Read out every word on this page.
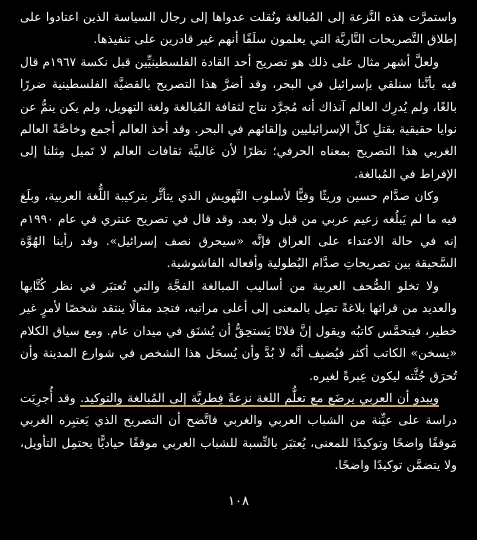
واستمرَّت هذه النَّزعة إلى المُبالغة ونُقلت عدواها إلى رجال السياسة الذين اعتادوا على إطلاق التَّصريحات النَّاريَّة التي يعلمون سلَفًا أنهم غير قادرين على تنفيذها.

ولعلَّ أشهر مثال على ذلك هو تصريح أحد القادة الفلسطينيِّين قبل نكسة ١٩٦٧م قال فيه بأنَّنا سنلقي بإسرائيل في البحر، وقد أضرَّ هذا التصريح بالقضيَّة الفلسطينية ضررًا بالغًا، ولم يُدرِك العالم آنذاك أنه مُجرَّد نتاج لثقافة المُبالغة ولغة التهويل، ولم يكن ينمُّ عن نوايا حقيقية بقتلِ كلِّ الإسرائيليين وإلقائهم في البحر. وقد أخذ العالم أجمع وخاصَّةً العالم الغربي هذا التصريح بمعناه الحرفي؛ نظرًا لأن غالبيَّة ثقافات العالم لا تَميل مِثلنا إلى الإفراط في المُبالغة.

وكان صدَّام حسين وريثًا وفيًّا لأسلوب التَّهويش الذي يتأثَّر بتركيبة اللُّغة العربية، وبلَغ فيه ما لم يَبلُغه زعيم عربي من قبل ولا بعد. وقد قال في تصريح عنتري في عام ١٩٩٠م إنه في حالة الاعتداء على العراق فإنَّه «سيحرق نصف إسرائيل». وقد رأينا الهُوَّة السَّحيقة بين تصريحاتِ صدَّام البُطولية وأفعاله الفاشوشية.

ولا تخلو الصُّحف العربية من أساليب المبالغة الفجَّة والتي تُعتبَر في نظر كُتَّابها والعديد من قرائها بلاغةً تصِل بالمعنى إلى أعلى مراتبه، فتجد مقالًا ينتقد شخصًا لأمرٍ غير خطير، فيتحمَّس كاتبُه ويقول إنَّ فلانًا يَستحِقُّ أن يُشنَق في ميدان عام. ومع سياق الكلام «يسخن» الكاتب أكثر فيُضيف أنَّه لا بُدَّ وأن يُسحَل هذا الشخص في شوارع المدينة وأن تُحرَق جُثَّته ليكون عِبرةً لغيره.

ويبدو أن العربي يرضَع مع تعلُّم اللغة نزعةً فِطريَّة إلى المُبالغة والتوكيد. وقد أُجرِيَت دراسة على عيِّنة من الشباب العربي والغربي فاتَّضح أن التصريح الذي يَعتبِره الغربي مَوقفًا واضحًا وتوكيدًا للمعنى، يُعتبَر بالنِّسبة للشباب العربي موقفًا حياديًّا يحتمِل التأويل، ولا يتضمَّن توكيدًا واضحًا.

١٠٨
